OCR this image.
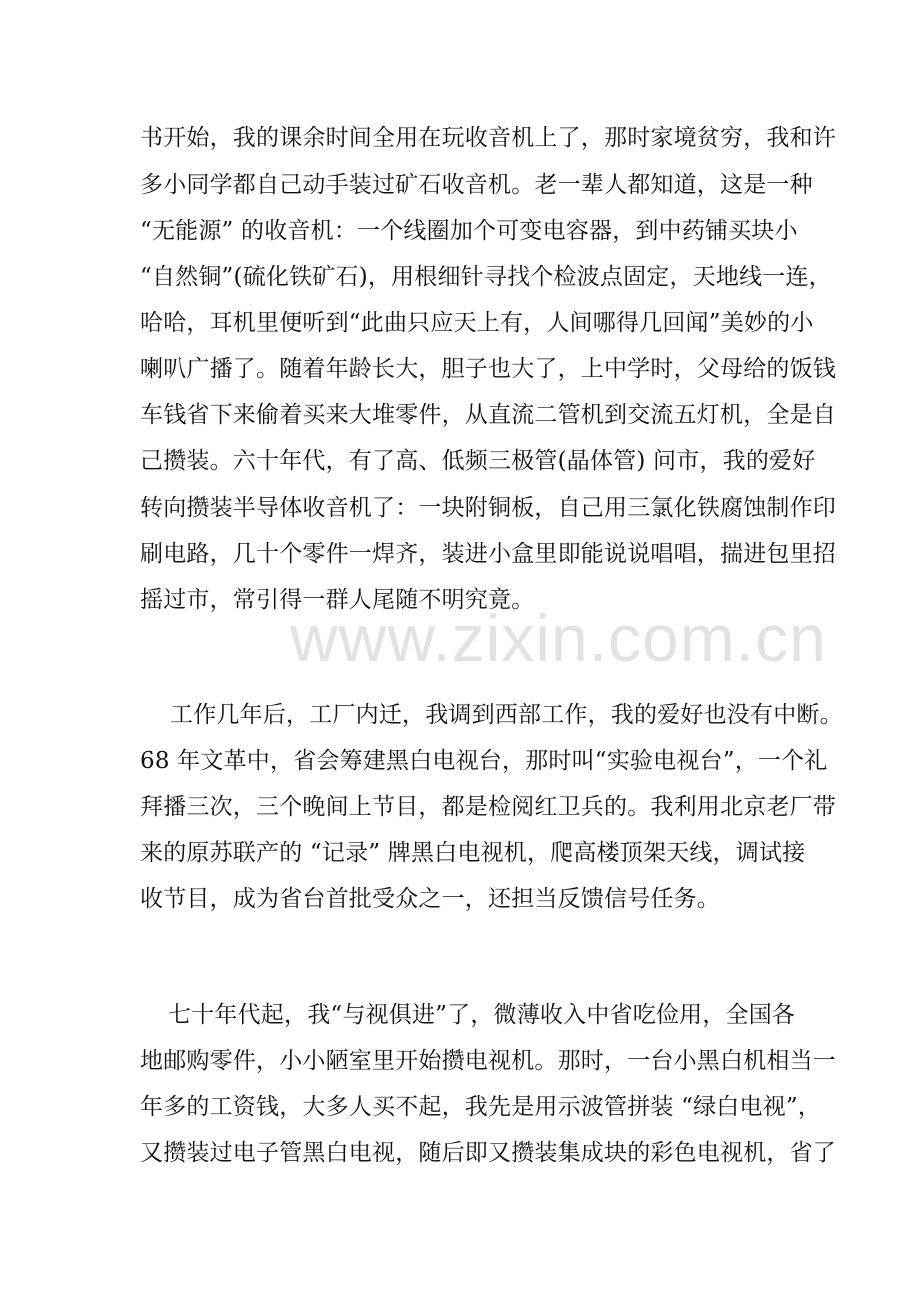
www.zixin.com.cn
书开始，我的课余时间全用在玩收音机上了，那时家境贫穷，我和许
多小同学都自己动手装过矿石收音机。老一辈人都知道，这是一种
“无能源” 的收音机：一个线圈加个可变电容器，到中药铺买块小
“自然铜”(硫化铁矿石)，用根细针寻找个检波点固定，天地线一连，
哈哈，耳机里便听到“此曲只应天上有，人间哪得几回闻”美妙的小
喇叭广播了。随着年龄长大，胆子也大了，上中学时，父母给的饭钱
车钱省下来偷着买来大堆零件，从直流二管机到交流五灯机，全是自
己攒装。六十年代，有了高、低频三极管(晶体管) 问市，我的爱好
转向攒装半导体收音机了：一块附铜板，自己用三氯化铁腐蚀制作印
刷电路，几十个零件一焊齐，装进小盒里即能说说唱唱，揣进包里招
摇过市，常引得一群人尾随不明究竟。
工作几年后，工厂内迁，我调到西部工作，我的爱好也没有中断。
68 年文革中，省会筹建黑白电视台，那时叫“实验电视台”，一个礼
拜播三次，三个晚间上节目，都是检阅红卫兵的。我利用北京老厂带
来的原苏联产的 “记录” 牌黑白电视机，爬高楼顶架天线，调试接
收节目，成为省台首批受众之一，还担当反馈信号任务。
七十年代起，我“与视俱进”了，微薄收入中省吃俭用，全国各
地邮购零件，小小陋室里开始攒电视机。那时，一台小黑白机相当一
年多的工资钱，大多人买不起，我先是用示波管拼装 “绿白电视”，
又攒装过电子管黑白电视，随后即又攒装集成块的彩色电视机，省了
